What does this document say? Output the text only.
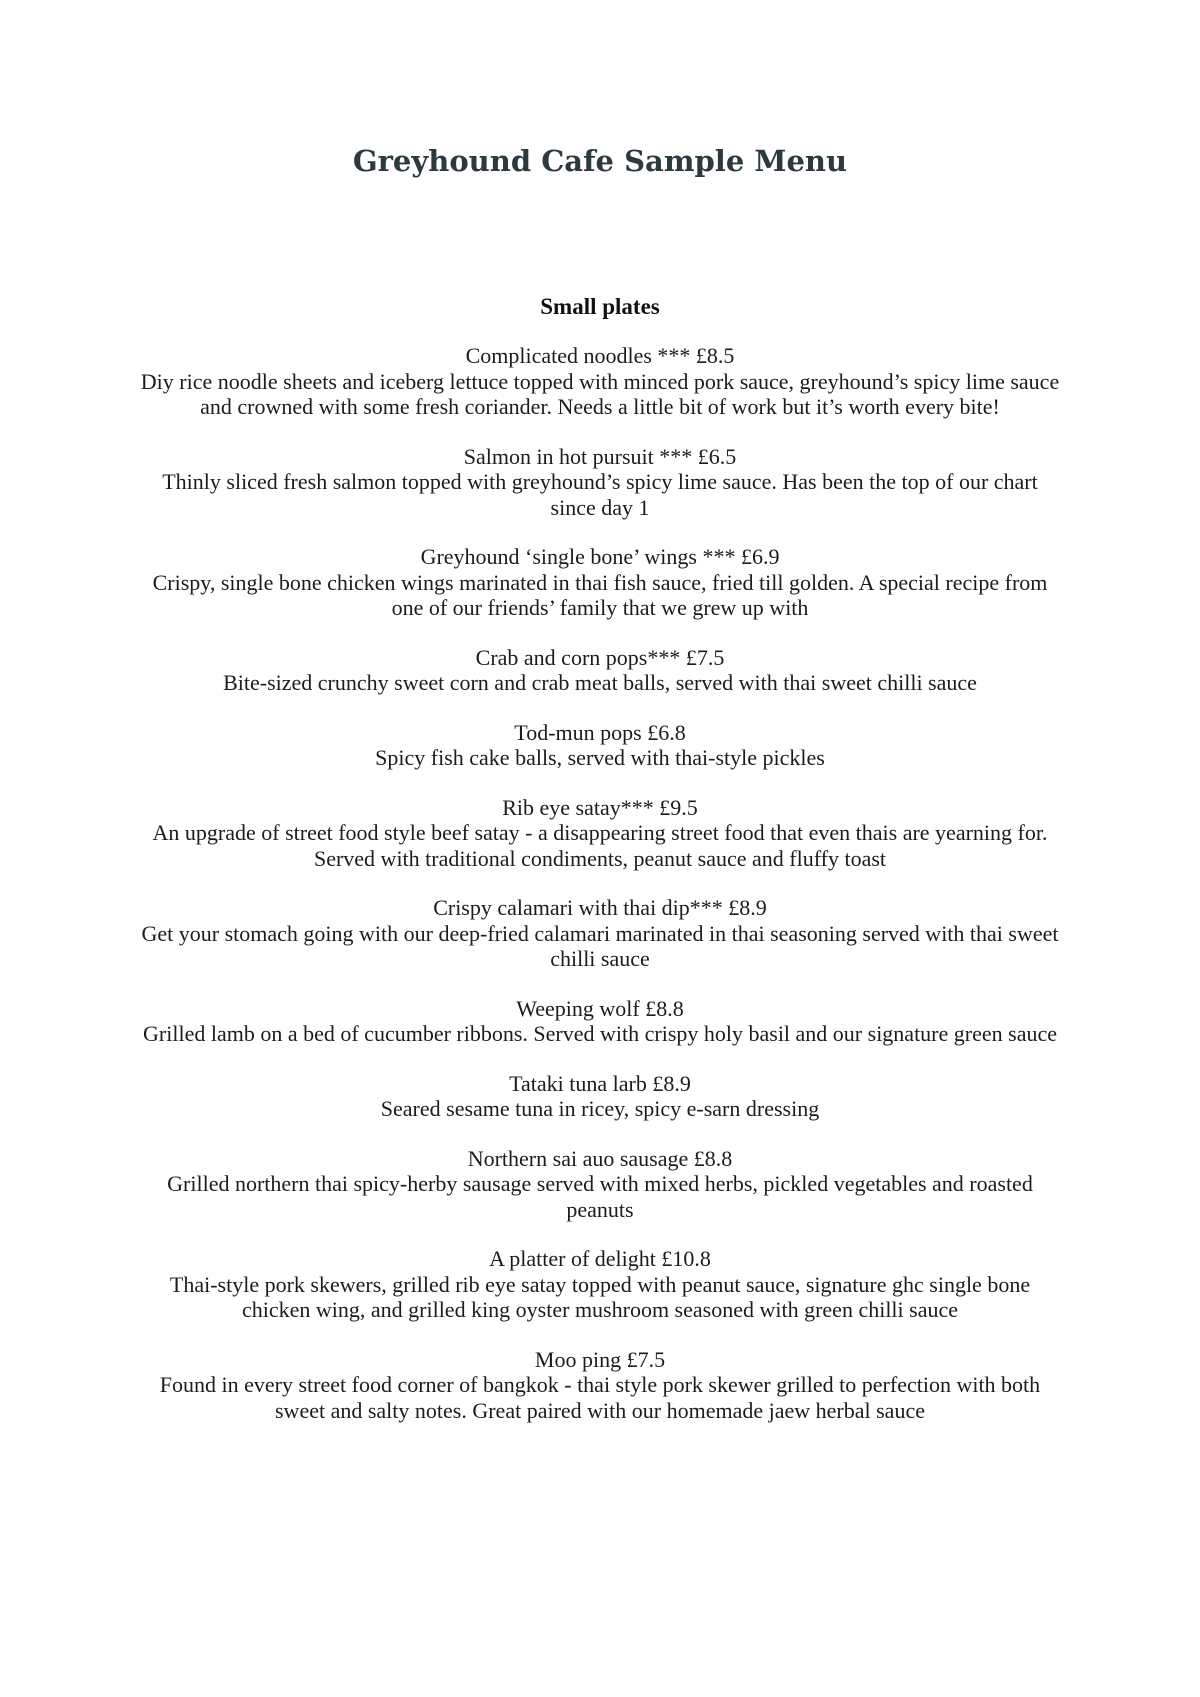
Greyhound Cafe Sample Menu
Small plates
Complicated noodles *** £8.5
Diy rice noodle sheets and iceberg lettuce topped with minced pork sauce, greyhound’s spicy lime sauce and crowned with some fresh coriander. Needs a little bit of work but it’s worth every bite!
Salmon in hot pursuit *** £6.5
Thinly sliced fresh salmon topped with greyhound’s spicy lime sauce. Has been the top of our chart since day 1
Greyhound ‘single bone’ wings *** £6.9
Crispy, single bone chicken wings marinated in thai fish sauce, fried till golden. A special recipe from one of our friends’ family that we grew up with
Crab and corn pops*** £7.5
Bite-sized crunchy sweet corn and crab meat balls, served with thai sweet chilli sauce
Tod-mun pops £6.8
Spicy fish cake balls, served with thai-style pickles
Rib eye satay*** £9.5
An upgrade of street food style beef satay - a disappearing street food that even thais are yearning for. Served with traditional condiments, peanut sauce and fluffy toast
Crispy calamari with thai dip*** £8.9
Get your stomach going with our deep-fried calamari marinated in thai seasoning served with thai sweet chilli sauce
Weeping wolf £8.8
Grilled lamb on a bed of cucumber ribbons. Served with crispy holy basil and our signature green sauce
Tataki tuna larb £8.9
Seared sesame tuna in ricey, spicy e-sarn dressing
Northern sai auo sausage £8.8
Grilled northern thai spicy-herby sausage served with mixed herbs, pickled vegetables and roasted peanuts
A platter of delight £10.8
Thai-style pork skewers, grilled rib eye satay topped with peanut sauce, signature ghc single bone chicken wing, and grilled king oyster mushroom seasoned with green chilli sauce
Moo ping £7.5
Found in every street food corner of bangkok - thai style pork skewer grilled to perfection with both sweet and salty notes. Great paired with our homemade jaew herbal sauce
